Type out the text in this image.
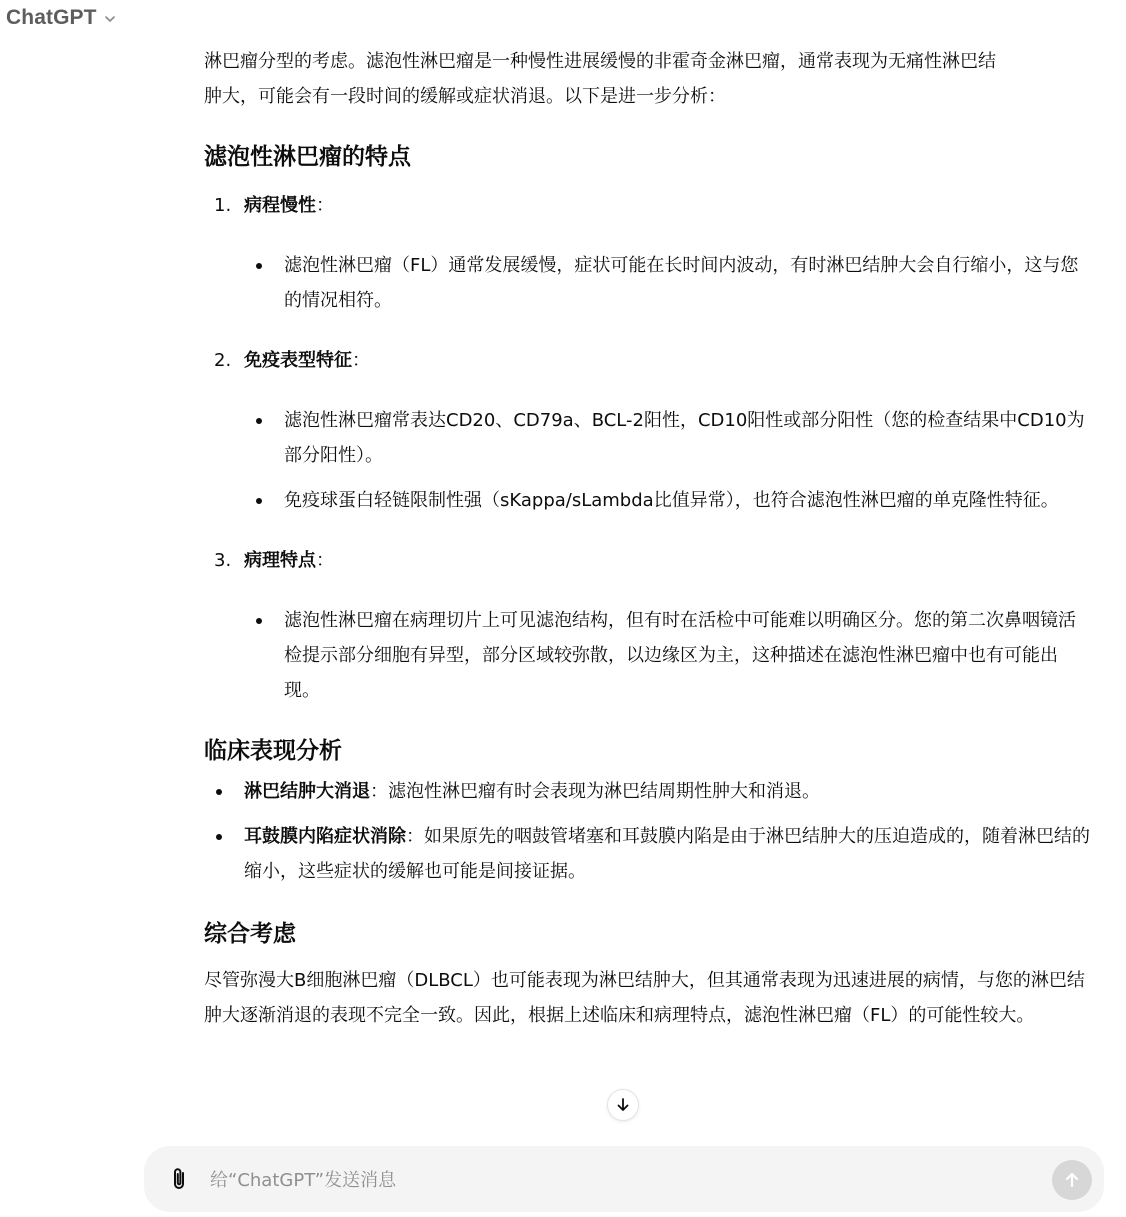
ChatGPT

淋巴瘤分型的考虑。滤泡性淋巴瘤是一种慢性进展缓慢的非霍奇金淋巴瘤，通常表现为无痛性淋巴结
肿大，可能会有一段时间的缓解或症状消退。以下是进一步分析：

滤泡性淋巴瘤的特点
1. 病程慢性：
滤泡性淋巴瘤（FL）通常发展缓慢，症状可能在长时间内波动，有时淋巴结肿大会自行缩小，这与您的情况相符。
2. 免疫表型特征：
滤泡性淋巴瘤常表达CD20、CD79a、BCL-2阳性，CD10阳性或部分阳性（您的检查结果中CD10为部分阳性）。
免疫球蛋白轻链限制性强（sKappa/sLambda比值异常），也符合滤泡性淋巴瘤的单克隆性特征。
3. 病理特点：
滤泡性淋巴瘤在病理切片上可见滤泡结构，但有时在活检中可能难以明确区分。您的第二次鼻咽镜活检提示部分细胞有异型，部分区域较弥散，以边缘区为主，这种描述在滤泡性淋巴瘤中也有可能出现。
临床表现分析
淋巴结肿大消退：滤泡性淋巴瘤有时会表现为淋巴结周期性肿大和消退。
耳鼓膜内陷症状消除：如果原先的咽鼓管堵塞和耳鼓膜内陷是由于淋巴结肿大的压迫造成的，随着淋巴结的缩小，这些症状的缓解也可能是间接证据。
综合考虑

尽管弥漫大B细胞淋巴瘤（DLBCL）也可能表现为淋巴结肿大，但其通常表现为迅速进展的病情，与您的淋巴结肿大逐渐消退的表现不完全一致。因此，根据上述临床和病理特点，滤泡性淋巴瘤（FL）的可能性较大。

给“ChatGPT”发送消息
